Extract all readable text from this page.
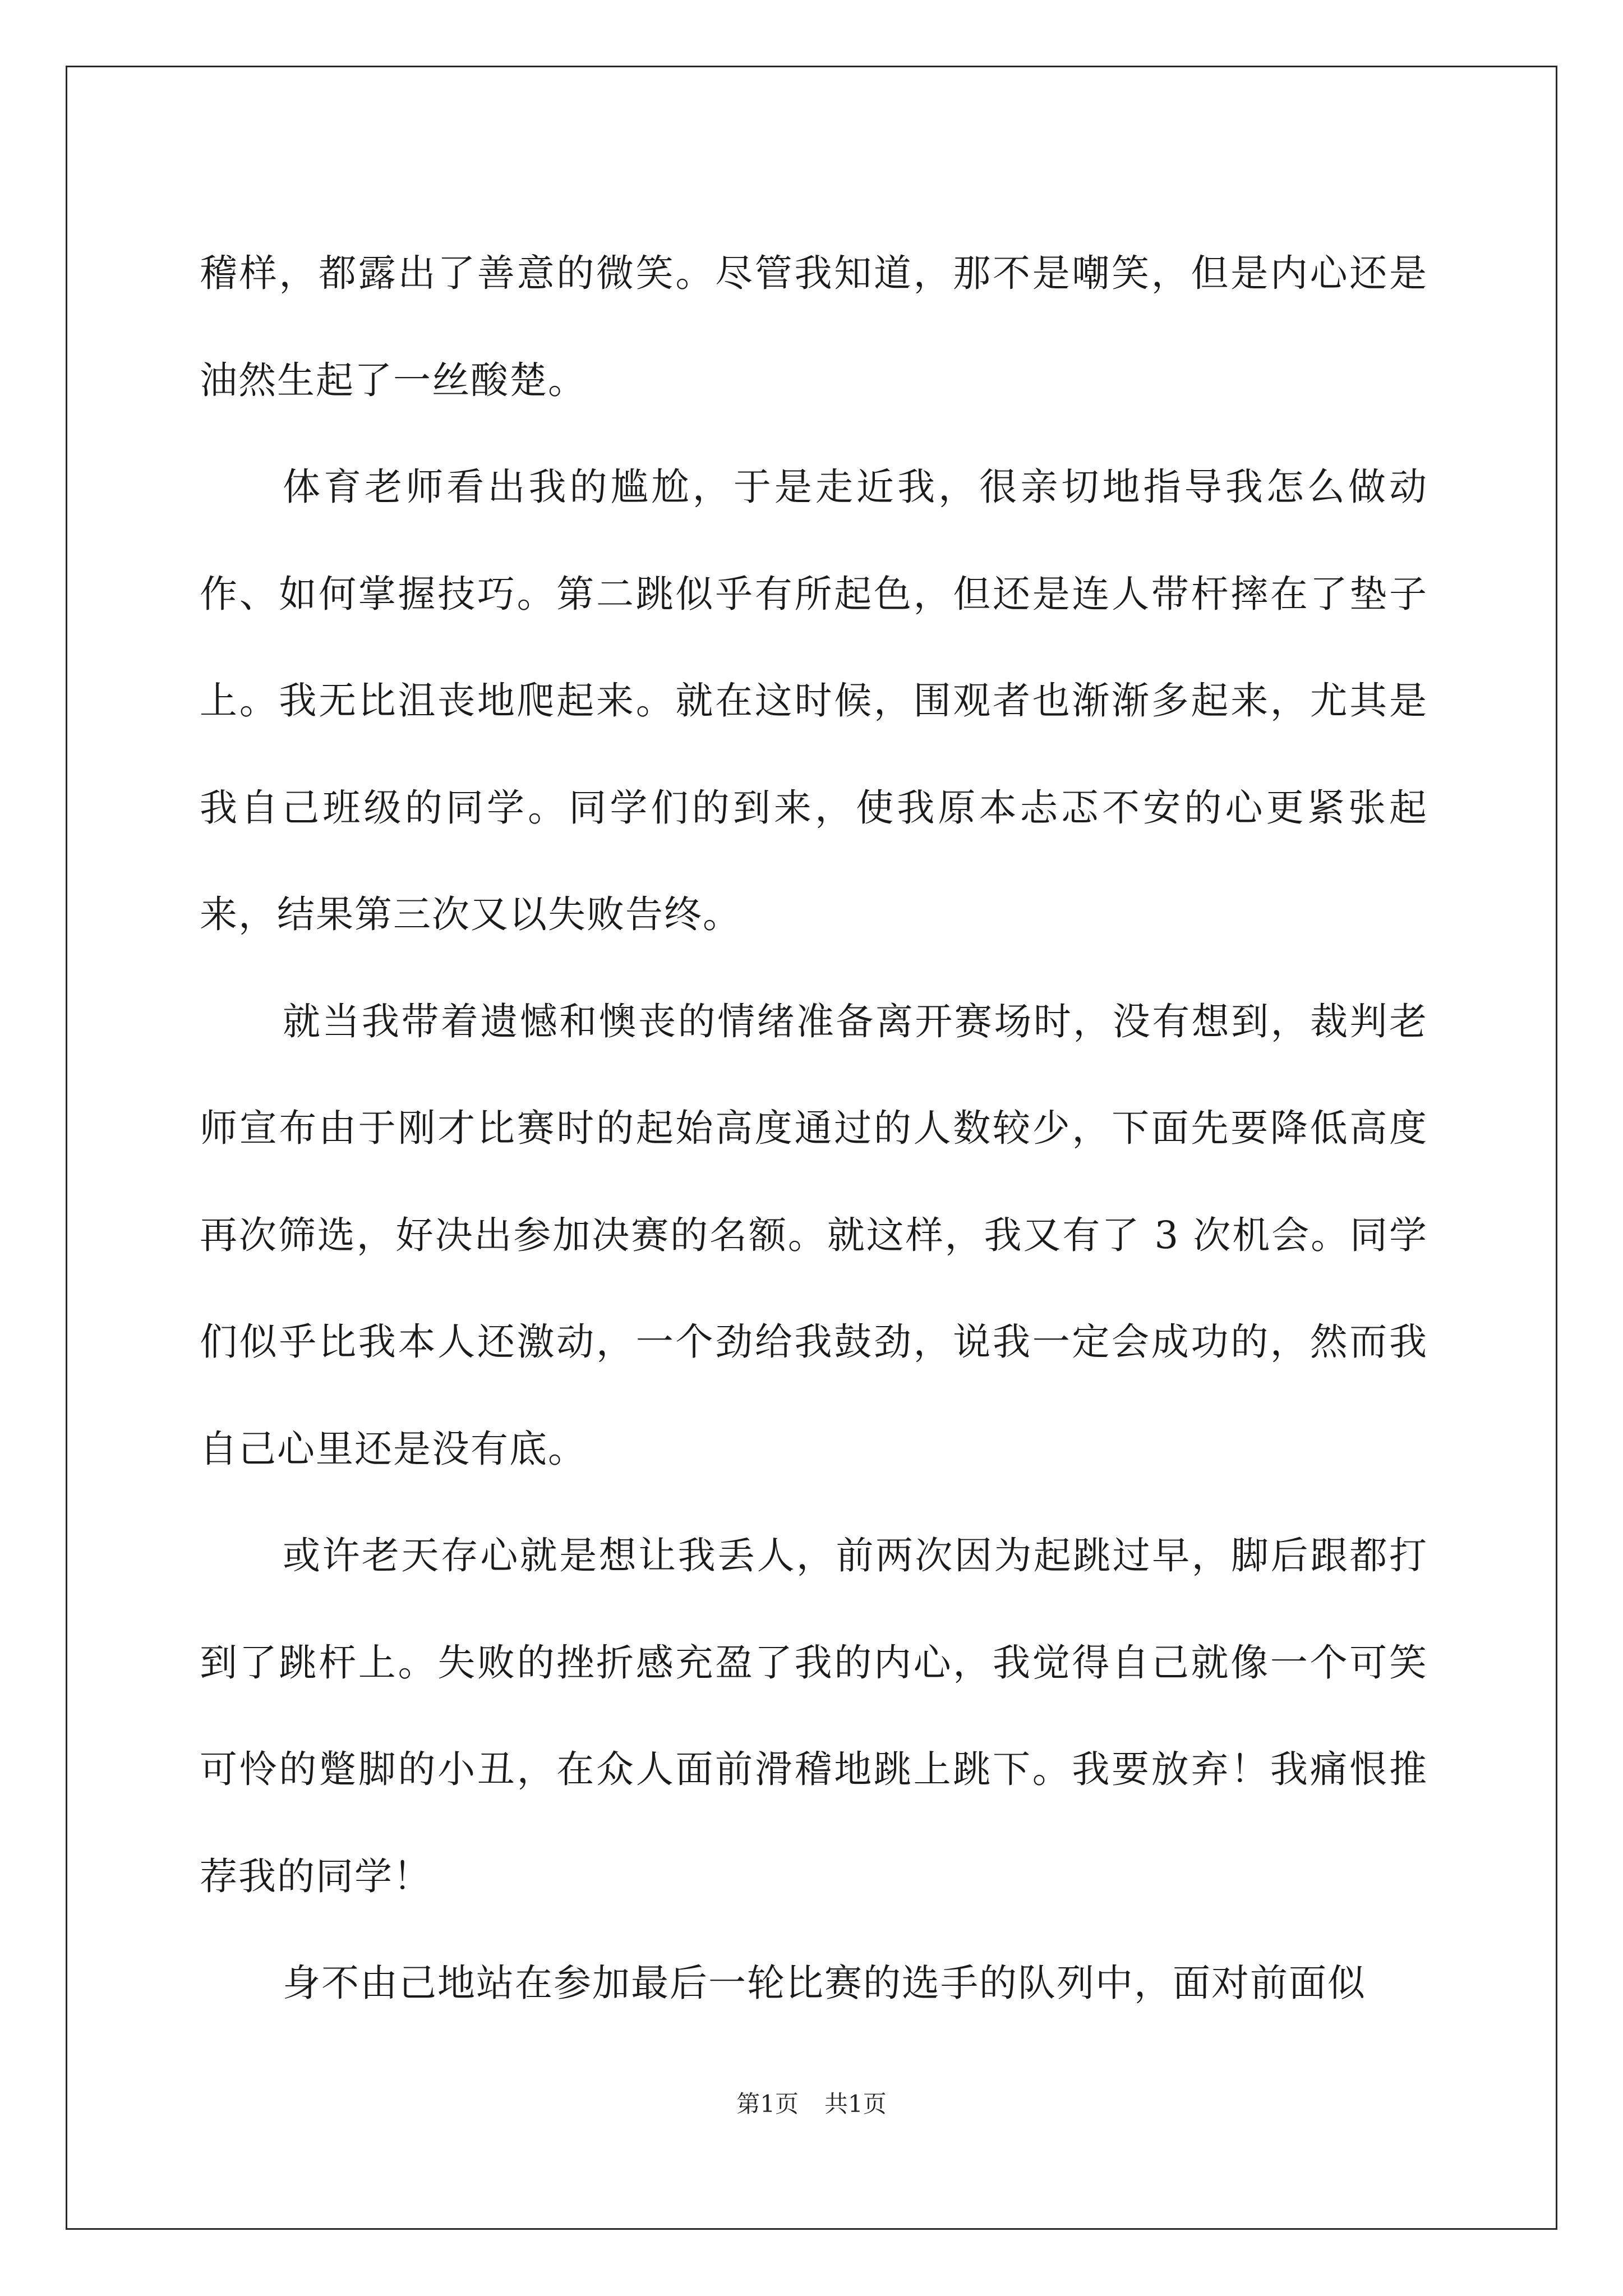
稽样，都露出了善意的微笑。尽管我知道，那不是嘲笑，但是内心还是油然生起了一丝酸楚。

体育老师看出我的尴尬，于是走近我，很亲切地指导我怎么做动作、如何掌握技巧。第二跳似乎有所起色，但还是连人带杆摔在了垫子上。我无比沮丧地爬起来。就在这时候，围观者也渐渐多起来，尤其是我自己班级的同学。同学们的到来，使我原本忐忑不安的心更紧张起来，结果第三次又以失败告终。

就当我带着遗憾和懊丧的情绪准备离开赛场时，没有想到，裁判老师宣布由于刚才比赛时的起始高度通过的人数较少，下面先要降低高度再次筛选，好决出参加决赛的名额。就这样，我又有了 3 次机会。同学们似乎比我本人还激动，一个劲给我鼓劲，说我一定会成功的，然而我自己心里还是没有底。

或许老天存心就是想让我丢人，前两次因为起跳过早，脚后跟都打到了跳杆上。失败的挫折感充盈了我的内心，我觉得自己就像一个可笑可怜的蹩脚的小丑，在众人面前滑稽地跳上跳下。我要放弃！我痛恨推荐我的同学！

身不由己地站在参加最后一轮比赛的选手的队列中，面对前面似

第1页 共1页
